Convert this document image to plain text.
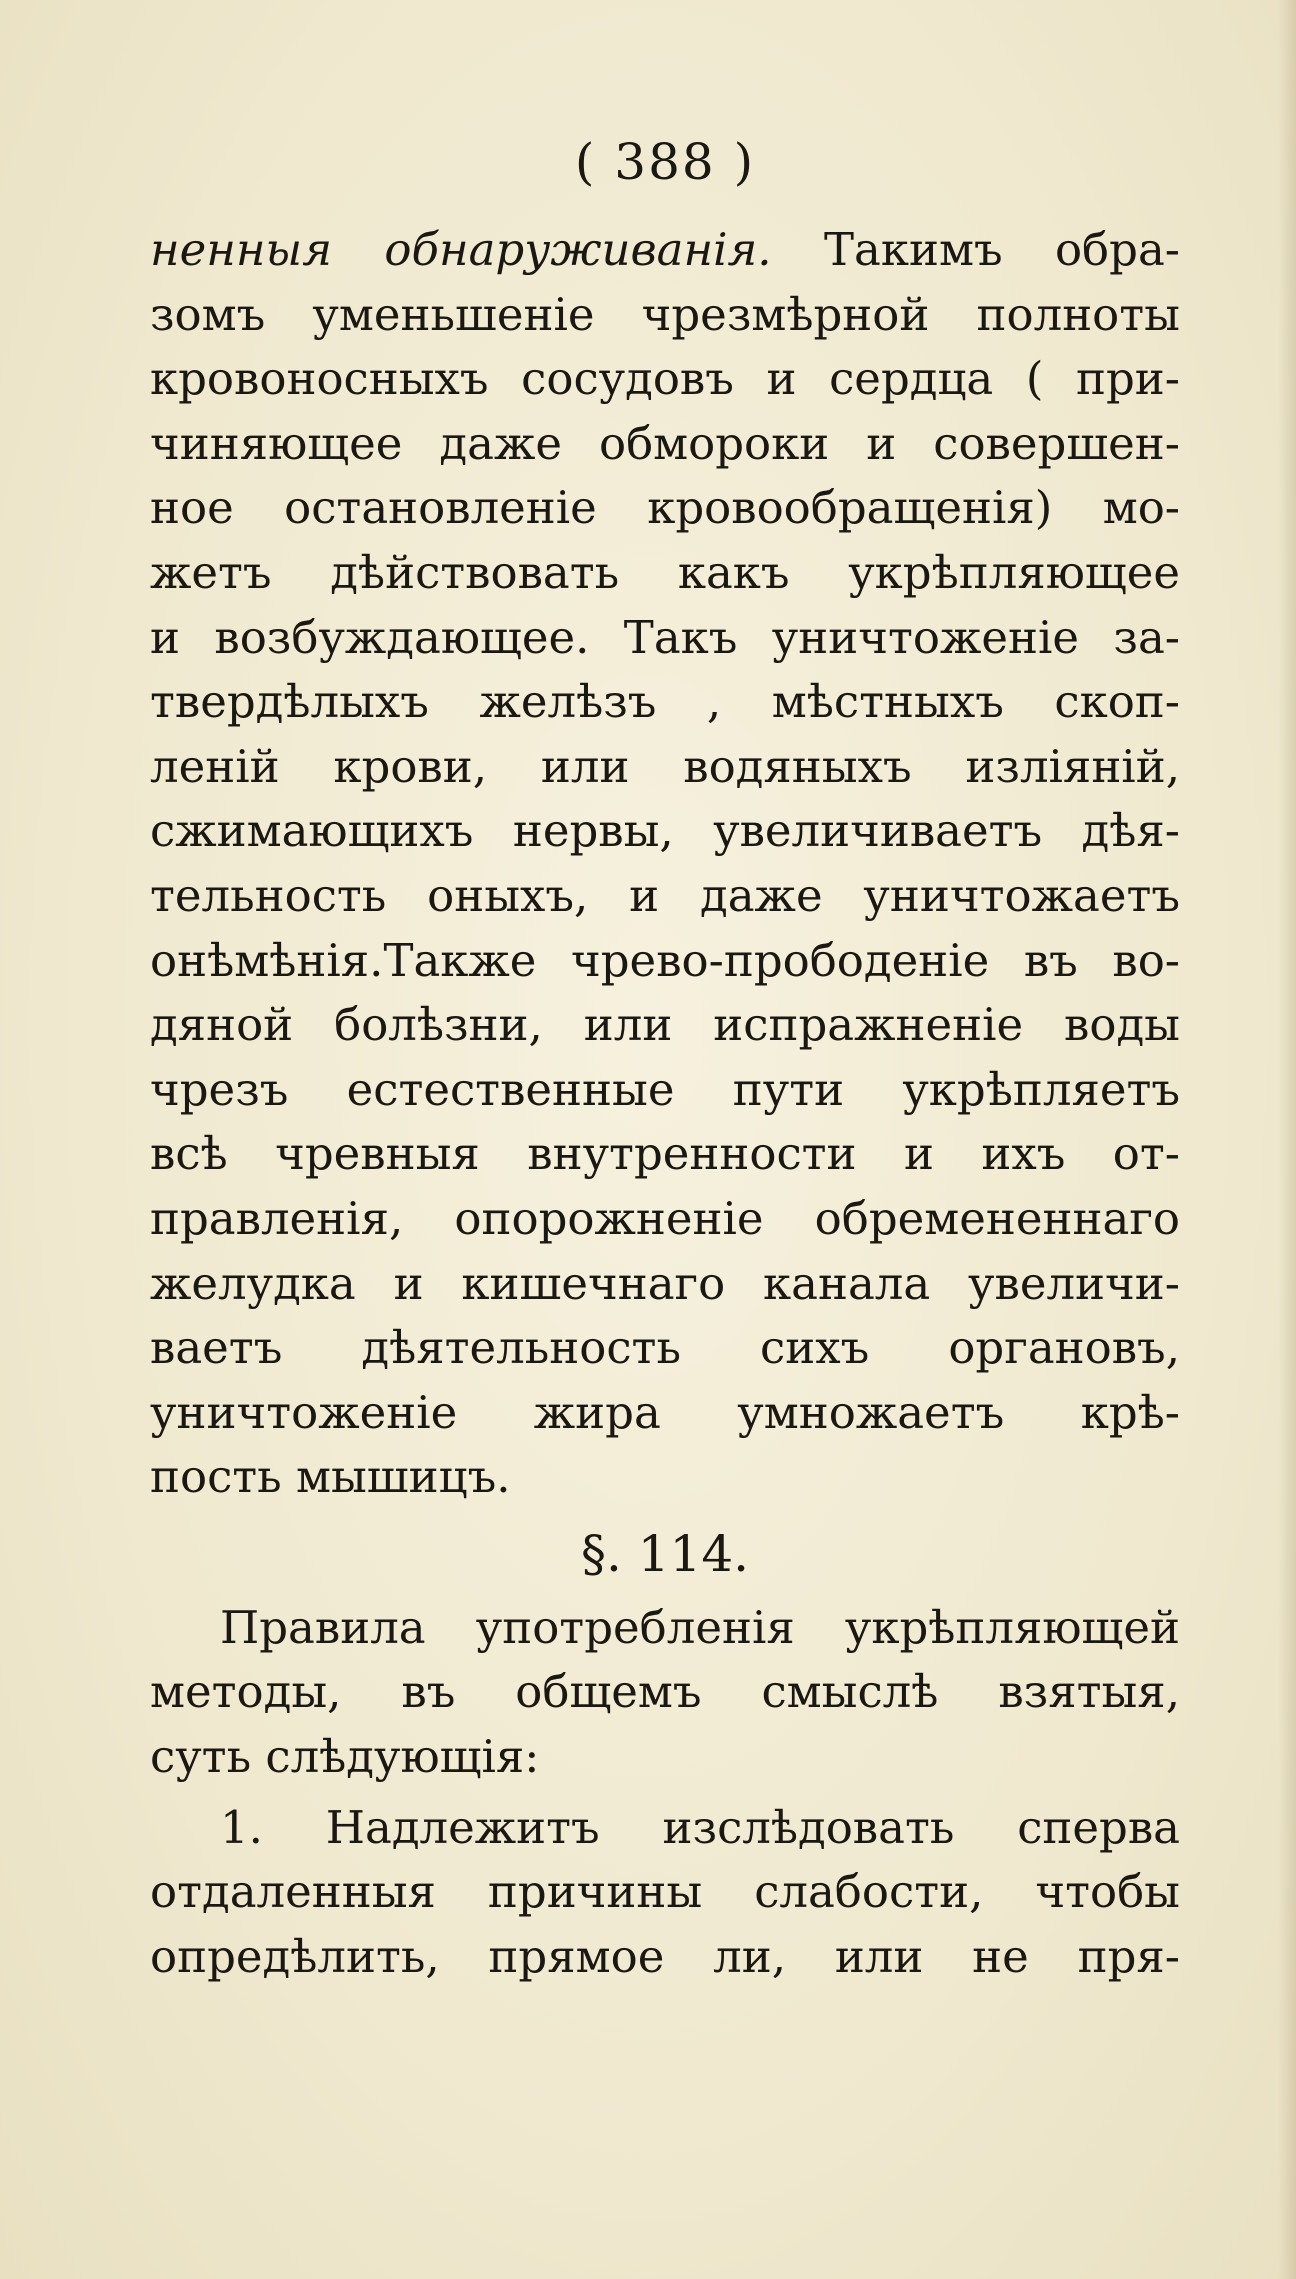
( 388 )
ненныя обнаруживанія. Такимъ обра-
зомъ уменьшеніе чрезмѣрной полноты
кровоносныхъ сосудовъ и сердца ( при-
чиняющее даже обмороки и совершен-
ное остановленіе кровообращенія) мо-
жетъ дѣйствовать какъ укрѣпляющее
и возбуждающее. Такъ уничтоженіе за-
твердѣлыхъ желѣзъ , мѣстныхъ скоп-
леній крови, или водяныхъ изліяній,
сжимающихъ нервы, увеличиваетъ дѣя-
тельность оныхъ, и даже уничтожаетъ
онѣмѣнія.Также чрево-прободеніе въ во-
дяной болѣзни, или испражненіе воды
чрезъ естественные пути укрѣпляетъ
всѣ чревныя внутренности и ихъ от-
правленія, опорожненіе обремененнаго
желудка и кишечнаго канала увеличи-
ваетъ дѣятельность сихъ органовъ,
уничтоженіе жира умножаетъ крѣ-
пость мышицъ.
§. 114.
Правила употребленія укрѣпляющей
методы, въ общемъ смыслѣ взятыя,
суть слѣдующія:
1. Надлежитъ изслѣдовать сперва
отдаленныя причины слабости, чтобы
опредѣлить, прямое ли, или не пря-
